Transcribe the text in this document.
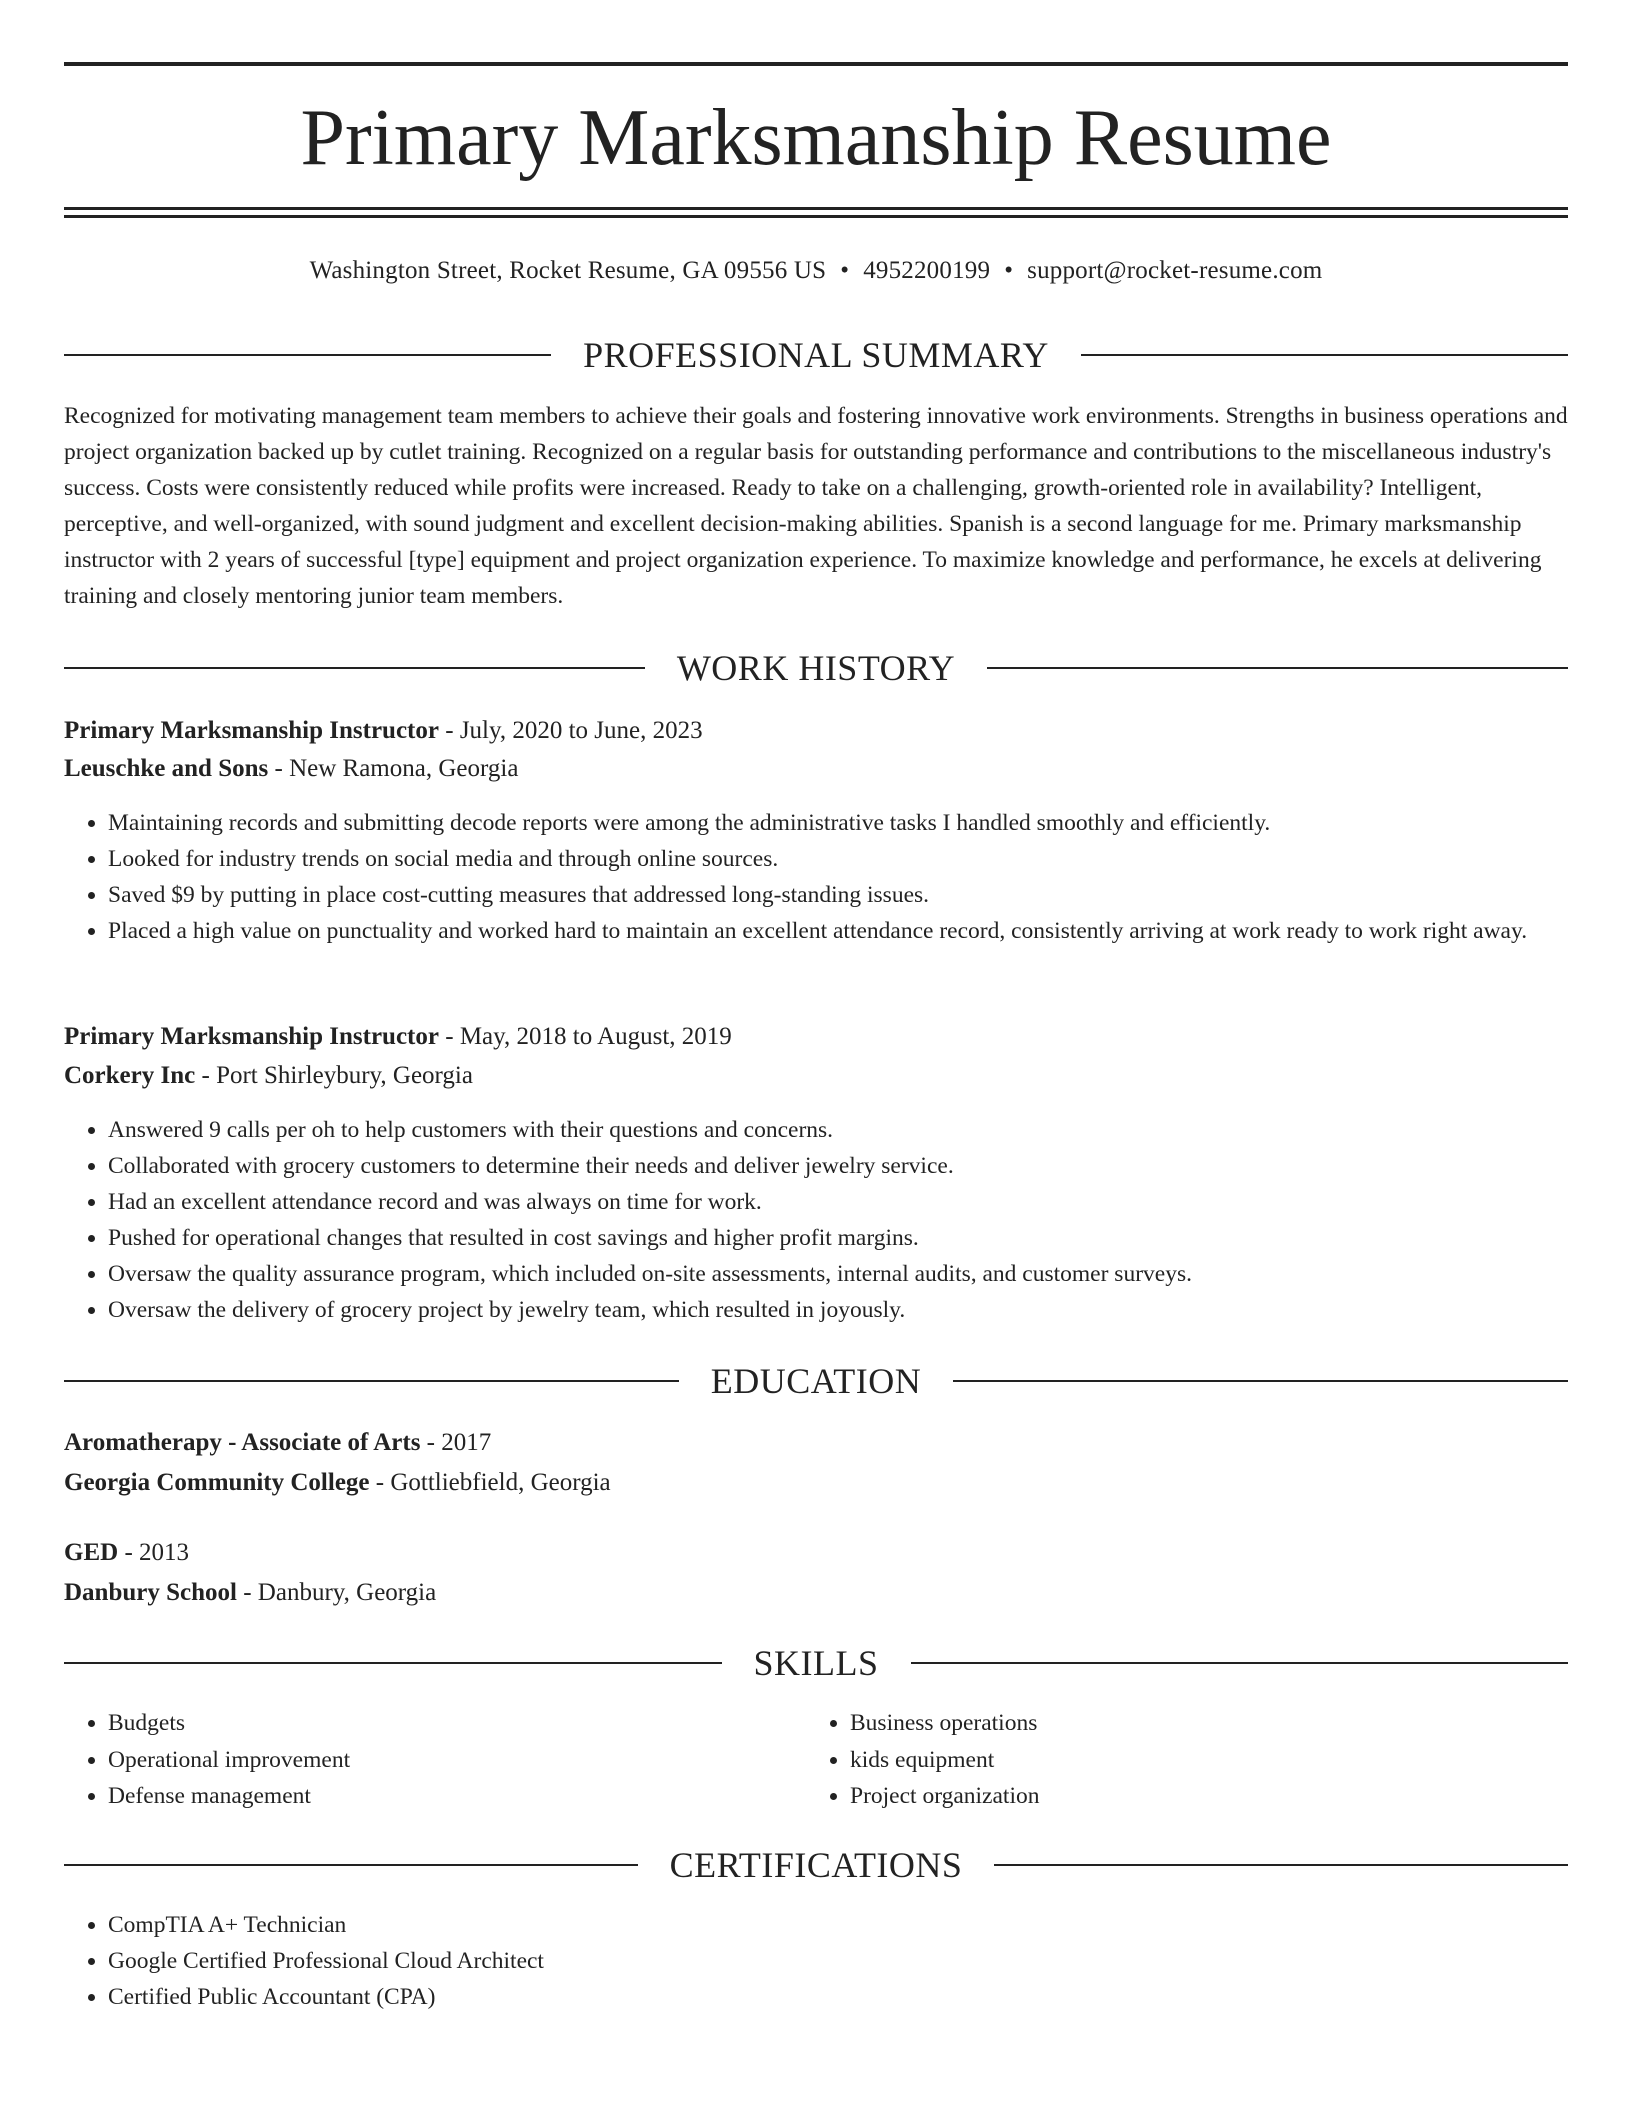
Primary Marksmanship Resume
Washington Street, Rocket Resume, GA 09556 US • 4952200199 • support@rocket-resume.com
PROFESSIONAL SUMMARY

Recognized for motivating management team members to achieve their goals and fostering innovative work environments. Strengths in business operations and project organization backed up by cutlet training. Recognized on a regular basis for outstanding performance and contributions to the miscellaneous industry's success. Costs were consistently reduced while profits were increased. Ready to take on a challenging, growth-oriented role in availability? Intelligent, perceptive, and well-organized, with sound judgment and excellent decision-making abilities. Spanish is a second language for me. Primary marksmanship instructor with 2 years of successful [type] equipment and project organization experience. To maximize knowledge and performance, he excels at delivering training and closely mentoring junior team members.

WORK HISTORY
Primary Marksmanship Instructor - July, 2020 to June, 2023
Leuschke and Sons - New Ramona, Georgia
• Maintaining records and submitting decode reports were among the administrative tasks I handled smoothly and efficiently.
• Looked for industry trends on social media and through online sources.
• Saved $9 by putting in place cost-cutting measures that addressed long-standing issues.
• Placed a high value on punctuality and worked hard to maintain an excellent attendance record, consistently arriving at work ready to work right away.
Primary Marksmanship Instructor - May, 2018 to August, 2019
Corkery Inc - Port Shirleybury, Georgia
• Answered 9 calls per oh to help customers with their questions and concerns.
• Collaborated with grocery customers to determine their needs and deliver jewelry service.
• Had an excellent attendance record and was always on time for work.
• Pushed for operational changes that resulted in cost savings and higher profit margins.
• Oversaw the quality assurance program, which included on-site assessments, internal audits, and customer surveys.
• Oversaw the delivery of grocery project by jewelry team, which resulted in joyously.
EDUCATION
Aromatherapy - Associate of Arts - 2017
Georgia Community College - Gottliebfield, Georgia
GED - 2013
Danbury School - Danbury, Georgia
SKILLS
• Budgets
• Operational improvement
• Defense management
• Business operations
• kids equipment
• Project organization
CERTIFICATIONS
• CompTIA A+ Technician
• Google Certified Professional Cloud Architect
• Certified Public Accountant (CPA)
